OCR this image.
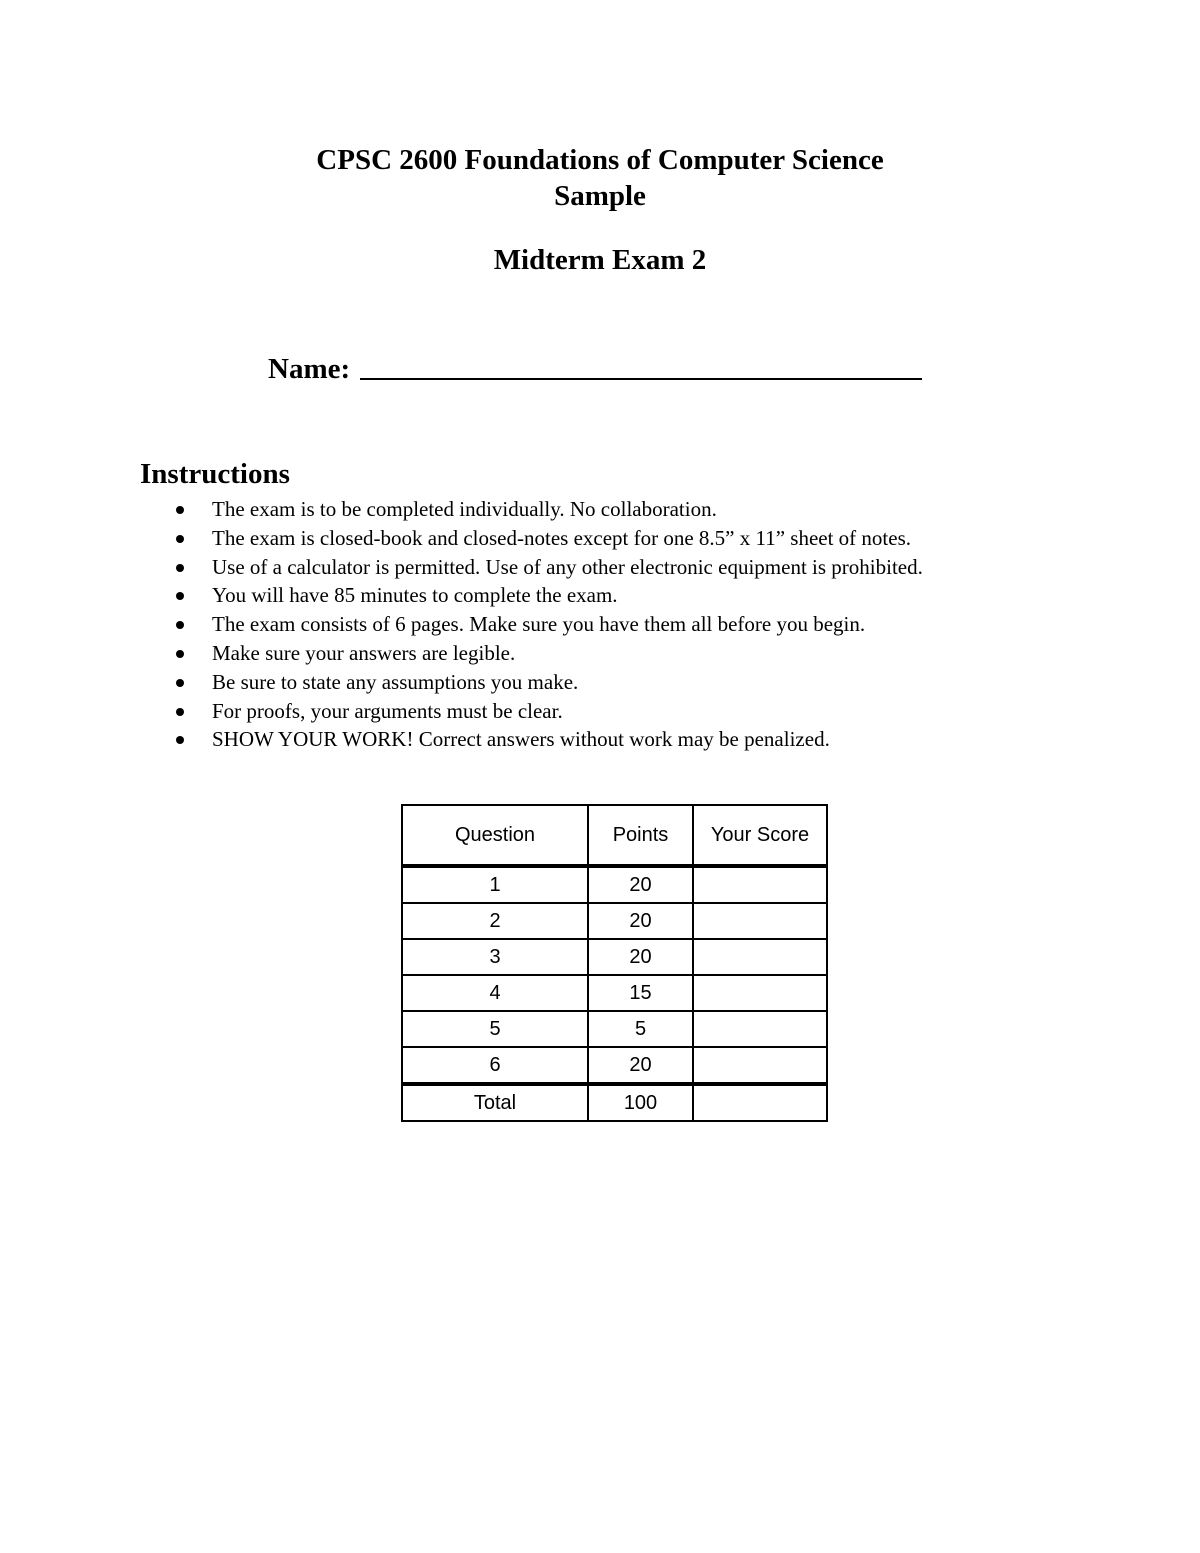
CPSC 2600 Foundations of Computer Science
Sample
Midterm Exam 2
Name:
Instructions
The exam is to be completed individually. No collaboration.
The exam is closed-book and closed-notes except for one 8.5” x 11” sheet of notes.
Use of a calculator is permitted. Use of any other electronic equipment is prohibited.
You will have 85 minutes to complete the exam.
The exam consists of 6 pages. Make sure you have them all before you begin.
Make sure your answers are legible.
Be sure to state any assumptions you make.
For proofs, your arguments must be clear.
SHOW YOUR WORK! Correct answers without work may be penalized.
Question	Points	Your Score
1	20	
2	20	
3	20	
4	15	
5	5	
6	20	
Total	100	
